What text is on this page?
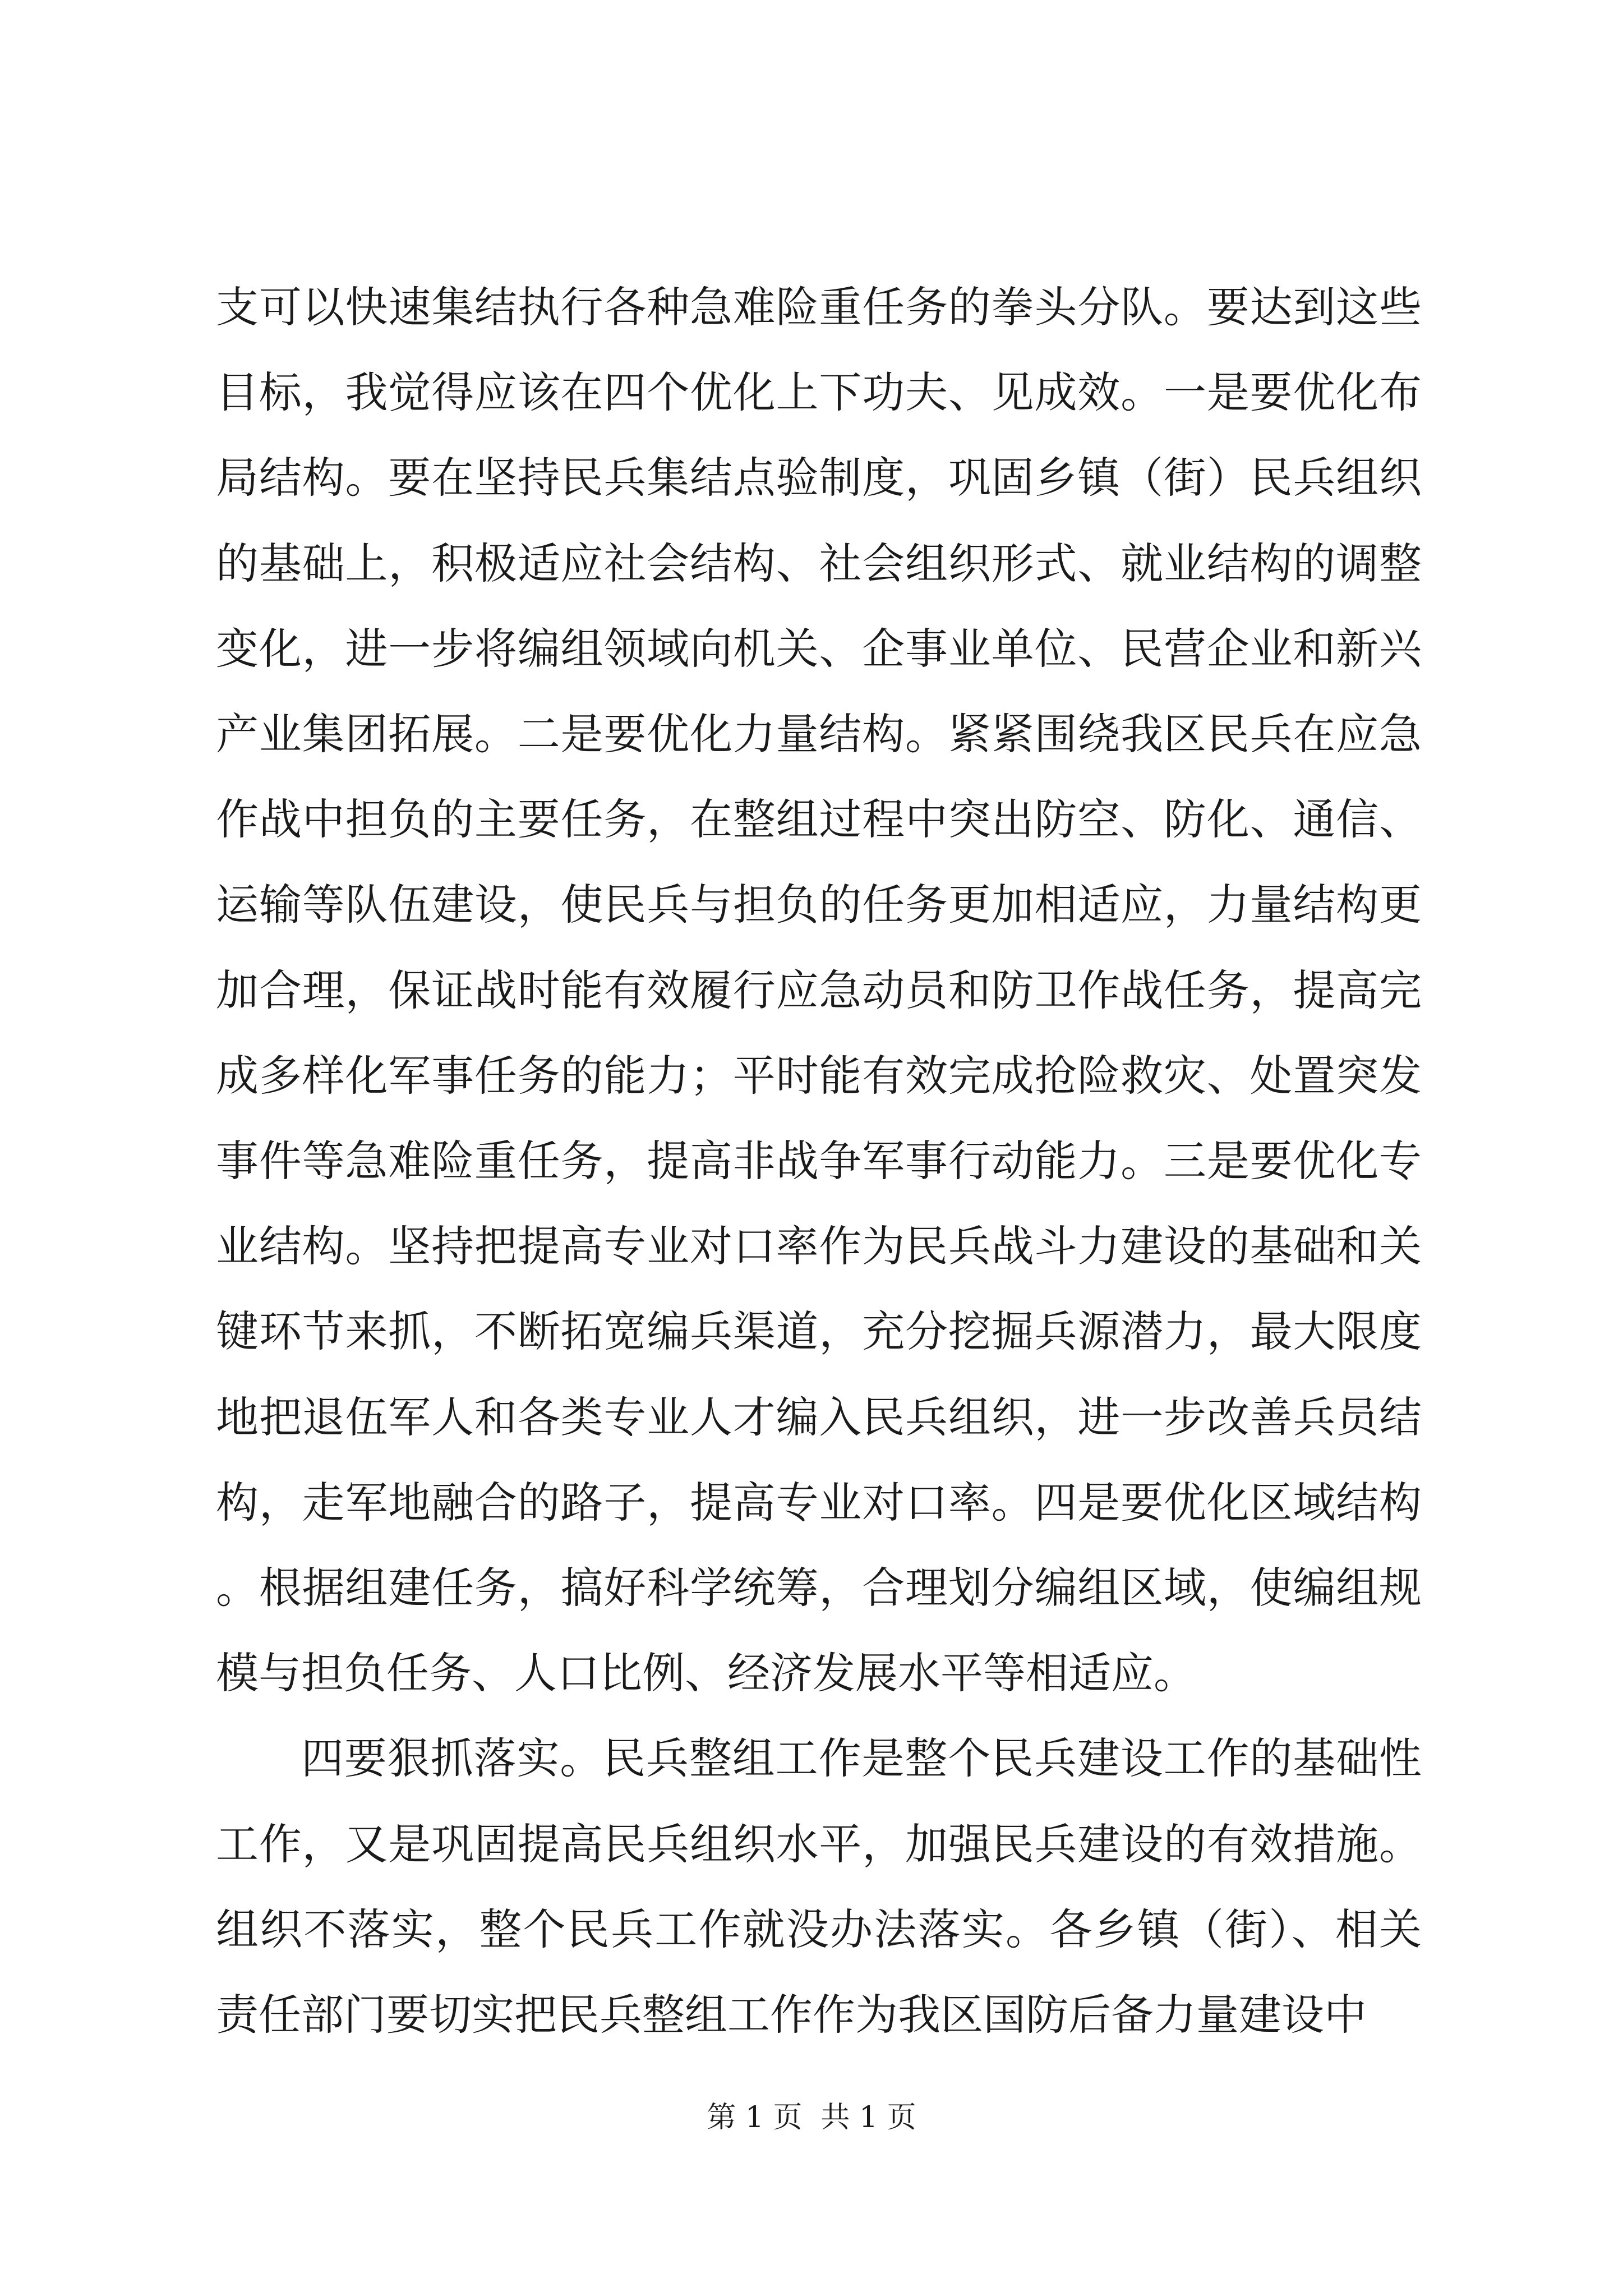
支可以快速集结执行各种急难险重任务的拳头分队。要达到这些目标，我觉得应该在四个优化上下功夫、见成效。一是要优化布局结构。要在坚持民兵集结点验制度，巩固乡镇（街）民兵组织的基础上，积极适应社会结构、社会组织形式、就业结构的调整变化，进一步将编组领域向机关、企事业单位、民营企业和新兴产业集团拓展。二是要优化力量结构。紧紧围绕我区民兵在应急作战中担负的主要任务，在整组过程中突出防空、防化、通信、运输等队伍建设，使民兵与担负的任务更加相适应，力量结构更加合理，保证战时能有效履行应急动员和防卫作战任务，提高完成多样化军事任务的能力；平时能有效完成抢险救灾、处置突发事件等急难险重任务，提高非战争军事行动能力。三是要优化专业结构。坚持把提高专业对口率作为民兵战斗力建设的基础和关键环节来抓，不断拓宽编兵渠道，充分挖掘兵源潜力，最大限度地把退伍军人和各类专业人才编入民兵组织，进一步改善兵员结构，走军地融合的路子，提高专业对口率。四是要优化区域结构。根据组建任务，搞好科学统筹，合理划分编组区域，使编组规模与担负任务、人口比例、经济发展水平等相适应。

四要狠抓落实。民兵整组工作是整个民兵建设工作的基础性工作，又是巩固提高民兵组织水平，加强民兵建设的有效措施。组织不落实，整个民兵工作就没办法落实。各乡镇（街）、相关责任部门要切实把民兵整组工作作为我区国防后备力量建设中

第 1 页  共 1 页
